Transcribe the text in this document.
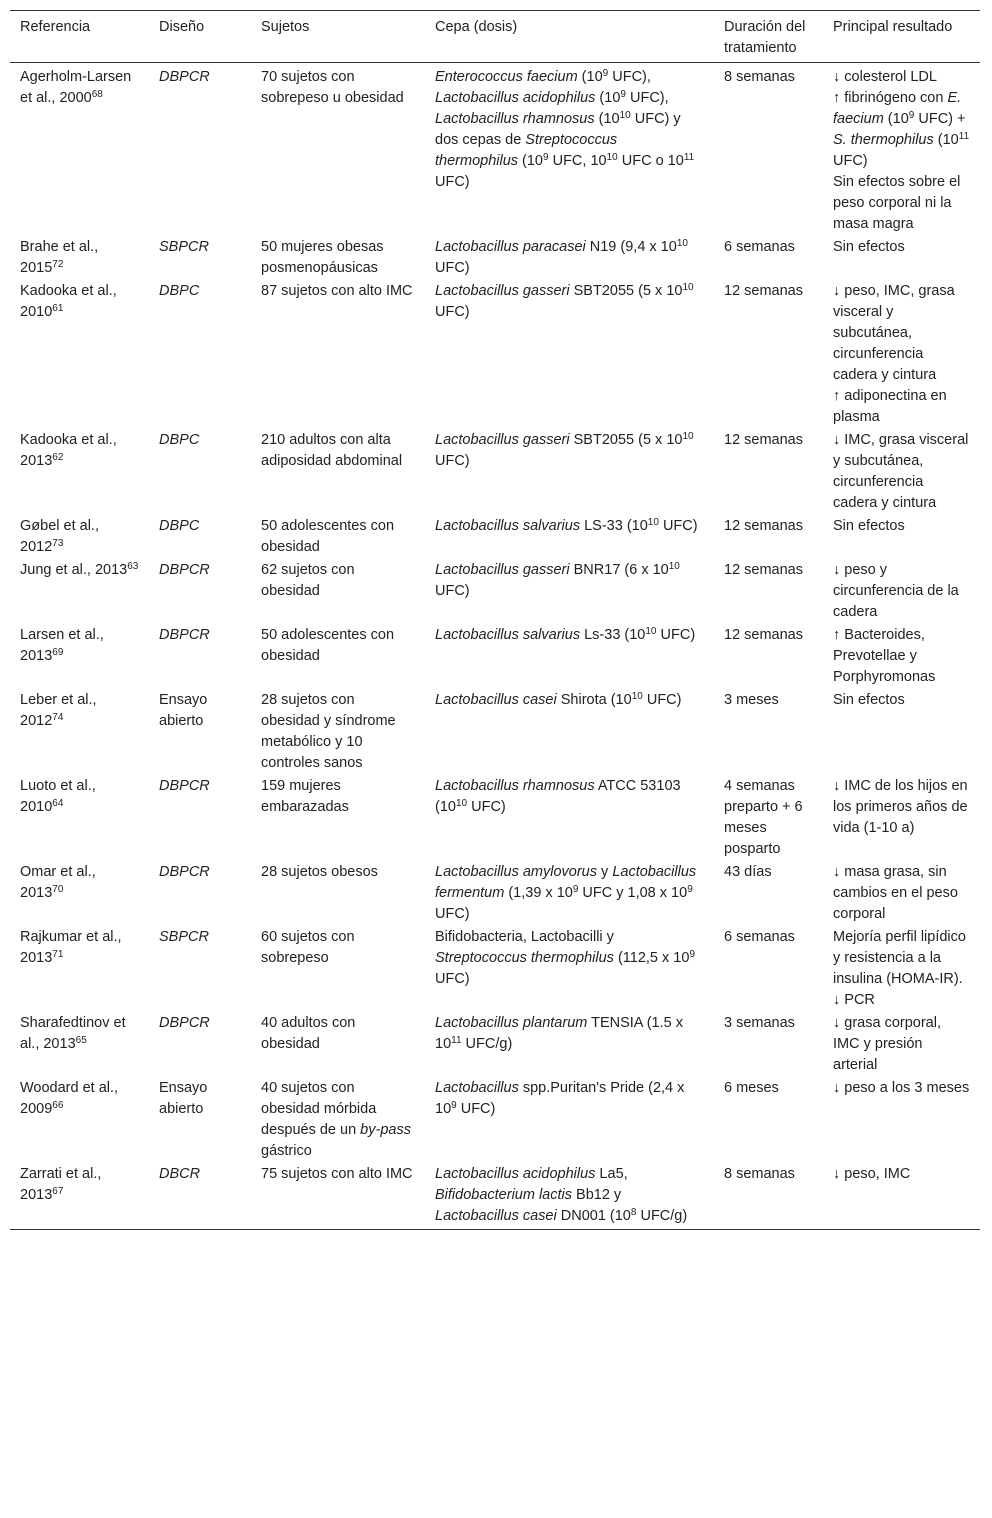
Referencia	Diseño	Sujetos	Cepa (dosis)	Duración del tratamiento	Principal resultado
Agerholm-Larsen et al., 2000$^{68}$	DBPCR	70 sujetos con sobrepeso u obesidad	Enterococcus faecium ($10^9$ UFC), Lactobacillus acidophilus ($10^9$ UFC), Lactobacillus rhamnosus ($10^{10}$ UFC) y dos cepas de Streptococcus thermophilus ($10^9$ UFC, $10^{10}$ UFC o $10^{11}$ UFC)	8 semanas	↓ colesterol LDL
↑ fibrinógeno con E. faecium ($10^9$ UFC) + S. thermophilus ($10^{11}$ UFC)
Sin efectos sobre el peso corporal ni la masa magra
Brahe et al., 2015$^{72}$	SBPCR	50 mujeres obesas posmenopáusicas	Lactobacillus paracasei N19 (9,4 x $10^{10}$ UFC)	6 semanas	Sin efectos
Kadooka et al., 2010$^{61}$	DBPC	87 sujetos con alto IMC	Lactobacillus gasseri SBT2055 (5 x $10^{10}$ UFC)	12 semanas	↓ peso, IMC, grasa visceral y subcutánea, circunferencia cadera y cintura
↑ adiponectina en plasma
Kadooka et al., 2013$^{62}$	DBPC	210 adultos con alta adiposidad abdominal	Lactobacillus gasseri SBT2055 (5 x $10^{10}$ UFC)	12 semanas	↓ IMC, grasa visceral y subcutánea, circunferencia cadera y cintura
Gøbel et al., 2012$^{73}$	DBPC	50 adolescentes con obesidad	Lactobacillus salvarius LS-33 ($10^{10}$ UFC)	12 semanas	Sin efectos
Jung et al., 2013$^{63}$	DBPCR	62 sujetos con obesidad	Lactobacillus gasseri BNR17 (6 x $10^{10}$ UFC)	12 semanas	↓ peso y circunferencia de la cadera
Larsen et al., 2013$^{69}$	DBPCR	50 adolescentes con obesidad	Lactobacillus salvarius Ls-33 ($10^{10}$ UFC)	12 semanas	↑ Bacteroides, Prevotellae y Porphyromonas
Leber et al., 2012$^{74}$	Ensayo abierto	28 sujetos con obesidad y síndrome metabólico y 10 controles sanos	Lactobacillus casei Shirota ($10^{10}$ UFC)	3 meses	Sin efectos
Luoto et al., 2010$^{64}$	DBPCR	159 mujeres embarazadas	Lactobacillus rhamnosus ATCC 53103 ($10^{10}$ UFC)	4 semanas preparto + 6 meses posparto	↓ IMC de los hijos en los primeros años de vida (1-10 a)
Omar et al., 2013$^{70}$	DBPCR	28 sujetos obesos	Lactobacillus amylovorus y Lactobacillus fermentum (1,39 x $10^9$ UFC y 1,08 x $10^9$ UFC)	43 días	↓ masa grasa, sin cambios en el peso corporal
Rajkumar et al., 2013$^{71}$	SBPCR	60 sujetos con sobrepeso	Bifidobacteria, Lactobacilli y Streptococcus thermophilus (112,5 x $10^9$ UFC)	6 semanas	Mejoría perfil lipídico y resistencia a la insulina (HOMA-IR).
↓ PCR
Sharafedtinov et al., 2013$^{65}$	DBPCR	40 adultos con obesidad	Lactobacillus plantarum TENSIA (1.5 x $10^{11}$ UFC/g)	3 semanas	↓ grasa corporal, IMC y presión arterial
Woodard et al., 2009$^{66}$	Ensayo abierto	40 sujetos con obesidad mórbida después de un by-pass gástrico	Lactobacillus spp.Puritan's Pride (2,4 x $10^9$ UFC)	6 meses	↓ peso a los 3 meses
Zarrati et al., 2013$^{67}$	DBCR	75 sujetos con alto IMC	Lactobacillus acidophilus La5, Bifidobacterium lactis Bb12 y Lactobacillus casei DN001 ($10^8$ UFC/g)	8 semanas	↓ peso, IMC
